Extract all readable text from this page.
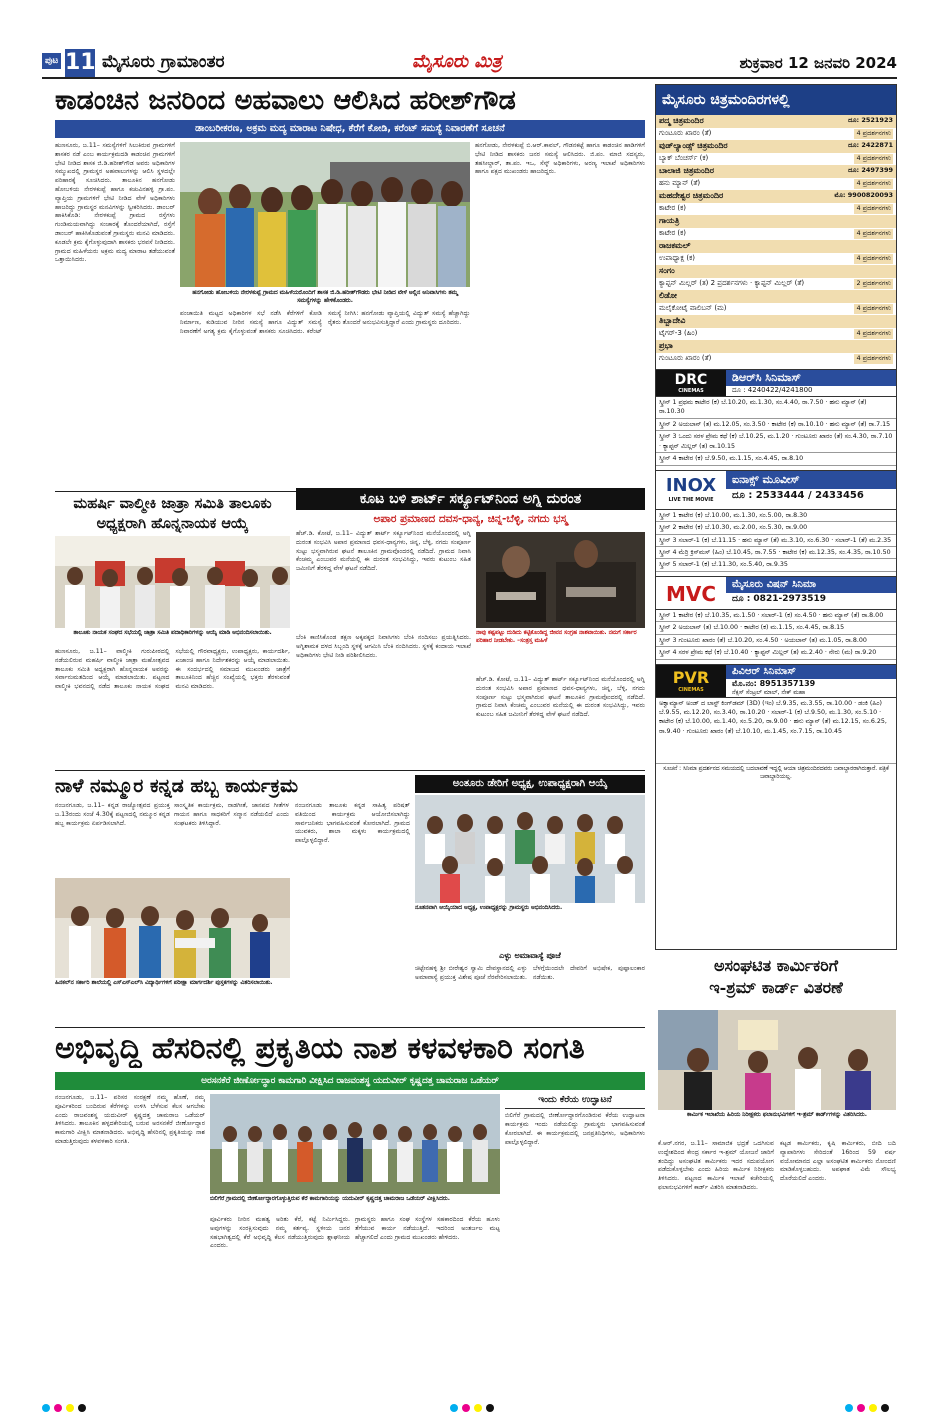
ಪುಟ 11 ಮೈಸೂರು ಗ್ರಾಮಾಂತರ	ಮೈಸೂರು ಮಿತ್ರ	ಶುಕ್ರವಾರ 12 ಜನವರಿ 2024
ಕಾಡಂಚಿನ ಜನರಿಂದ ಅಹವಾಲು ಆಲಿಸಿದ ಹರೀಶ್‌ಗೌಡ
ಡಾಂಬರೀಕರಣ, ಅಕ್ರಮ ಮದ್ಯ ಮಾರಾಟ ನಿಷೇಧ, ಕೆರೆಗೆ ಕೋಡಿ, ಕರೆಂಟ್ ಸಮಸ್ಯೆ ನಿವಾರಣೆಗೆ ಸೂಚನೆ
ಹುಣಸೂರು, ಜ.11– ಸಮಸ್ಯೆಗಳಿಗೆ ಸಿಲುಕಿರುವ ಗ್ರಾಮಗಳಿಗೆ ಶಾಸಕರ ನಡೆ ಎಂಬ ಕಾರ್ಯಕ್ರಮದಡಿ ಕಾಡಂಚಿನ ಗ್ರಾಮಗಳಿಗೆ ಭೇಟಿ ನೀಡಿದ ಶಾಸಕ ಜಿ.ಡಿ.ಹರೀಶ್‌ಗೌಡ ಅವರು ಅಧಿಕಾರಿಗಳ ಸಮ್ಮುಖದಲ್ಲಿ ಗ್ರಾಮಸ್ಥರ ಅಹವಾಲುಗಳನ್ನು ಆಲಿಸಿ ಸ್ಥಳದಲ್ಲೇ ಪರಿಹಾರಕ್ಕೆ ಸೂಚಿಸಿದರು. ತಾಲೂಕಿನ ಹನಗೋಡು ಹೋಬಳಿಯ ನೇರಳಕುಪ್ಪೆ ಹಾಗೂ ಕಚುವಿನಹಳ್ಳಿ ಗ್ರಾ.ಪಂ. ವ್ಯಾಪ್ತಿಯ ಗ್ರಾಮಗಳಿಗೆ ಭೇಟಿ ನೀಡಿದ ವೇಳೆ ಅಧಿಕಾರಿಗಳು ಹಾಜರಿದ್ದು ಗ್ರಾಮಸ್ಥರ ಮನವಿಗಳನ್ನು ಸ್ವೀಕರಿಸಿದರು. ಡಾಂಬರ್ ಹಾಕಿಸಿಕೊಡಿ: ನೇರಳಕುಪ್ಪೆ ಗ್ರಾಮದ ರಸ್ತೆಗಳು ಗುಂಡಿಮಯವಾಗಿದ್ದು ಸಂಚಾರಕ್ಕೆ ತೊಂದರೆಯಾಗಿದೆ, ರಸ್ತೆಗೆ ಡಾಂಬರ್ ಹಾಕಿಸಿಕೊಡುವಂತೆ ಗ್ರಾಮಸ್ಥರು ಮನವಿ ಮಾಡಿದರು. ಕೂಡಲೇ ಕ್ರಮ ಕೈಗೊಳ್ಳುವುದಾಗಿ ಶಾಸಕರು ಭರವಸೆ ನೀಡಿದರು. ಗ್ರಾಮದ ಮಹಿಳೆಯರು ಅಕ್ರಮ ಮದ್ಯ ಮಾರಾಟ ತಡೆಯುವಂತೆ ಒತ್ತಾಯಿಸಿದರು.
ಹನಗೋಡು ಹೋಬಳಿಯ ನೇರಳಕುಪ್ಪೆ ಗ್ರಾಮದ ಮಹಿಳೆಯರೊಂದಿಗೆ ಶಾಸಕ ಜಿ.ಡಿ.ಹರೀಶ್‌ಗೌಡರು ಭೇಟಿ ನೀಡಿದ ವೇಳೆ ಅಲ್ಲಿನ ಅನಿವಾಸಿಗಳು ತಮ್ಮ ಸಮಸ್ಯೆಗಳನ್ನು ಹೇಳಿಕೊಂಡರು.
ಹನಗೋಡು, ನೇರಳಕುಪ್ಪೆ ಬಿ.ಆರ್.ಕಾವಲ್, ಗೌಡನಕಟ್ಟೆ ಹಾಗೂ ಕಾಡಂಚಿನ ಹಾಡಿಗಳಿಗೆ ಭೇಟಿ ನೀಡಿದ ಶಾಸಕರು ಜನರ ಸಮಸ್ಯೆ ಆಲಿಸಿದರು. ಜಿ.ಪಂ. ಮಾಜಿ ಸದಸ್ಯರು, ತಹಸೀಲ್ದಾರ್, ತಾ.ಪಂ. ಇಒ, ಸೆಸ್ಕ್ ಅಧಿಕಾರಿಗಳು, ಅರಣ್ಯ ಇಲಾಖೆ ಅಧಿಕಾರಿಗಳು ಹಾಗೂ ಪಕ್ಷದ ಮುಖಂಡರು ಹಾಜರಿದ್ದರು.
ಪಂಚಾಯಿತಿ ಮಟ್ಟದ ಅಧಿಕಾರಿಗಳ ಸಭೆ ನಡೆಸಿ ಕೆರೆಗಳಿಗೆ ಕೋಡಿ ನಿರ್ಮಾಣ, ಕುಡಿಯುವ ನೀರಿನ ಸಮಸ್ಯೆ ಹಾಗೂ ವಿದ್ಯುತ್ ಸಮಸ್ಯೆ ನಿವಾರಣೆಗೆ ಅಗತ್ಯ ಕ್ರಮ ಕೈಗೊಳ್ಳುವಂತೆ ಶಾಸಕರು ಸೂಚಿಸಿದರು. ಕರೆಂಟ್ ಸಮಸ್ಯೆ ನೀಗಿಸಿ: ಹನಗೋಡು ವ್ಯಾಪ್ತಿಯಲ್ಲಿ ವಿದ್ಯುತ್ ಸಮಸ್ಯೆ ಹೆಚ್ಚಾಗಿದ್ದು ರೈತರು ತೊಂದರೆ ಅನುಭವಿಸುತ್ತಿದ್ದಾರೆ ಎಂದು ಗ್ರಾಮಸ್ಥರು ದೂರಿದರು.
ಮಹರ್ಷಿ ವಾಲ್ಮೀಕಿ ಜಾತ್ರಾ ಸಮಿತಿ ತಾಲೂಕು
ಅಧ್ಯಕ್ಷರಾಗಿ ಹೊನ್ನನಾಯಕ ಆಯ್ಕೆ
ತಾಲೂಕು ನಾಯಕ ಸಂಘದ ಸಭೆಯಲ್ಲಿ ಜಾತ್ರಾ ಸಮಿತಿ ಪದಾಧಿಕಾರಿಗಳನ್ನು ಆಯ್ಕೆ ಮಾಡಿ ಅಭಿನಂದಿಸಲಾಯಿತು.
ಹುಣಸೂರು, ಜ.11– ವಾಲ್ಮೀಕಿ ಗುರುಪೀಠದಲ್ಲಿ ನಡೆಯಲಿರುವ ಮಹರ್ಷಿ ವಾಲ್ಮೀಕಿ ಜಾತ್ರಾ ಮಹೋತ್ಸವದ ತಾಲೂಕು ಸಮಿತಿ ಅಧ್ಯಕ್ಷರಾಗಿ ಹೊನ್ನನಾಯಕ ಅವರನ್ನು ಸರ್ವಾನುಮತದಿಂದ ಆಯ್ಕೆ ಮಾಡಲಾಯಿತು. ಪಟ್ಟಣದ ವಾಲ್ಮೀಕಿ ಭವನದಲ್ಲಿ ನಡೆದ ತಾಲೂಕು ನಾಯಕ ಸಂಘದ ಸಭೆಯಲ್ಲಿ ಗೌರವಾಧ್ಯಕ್ಷರು, ಉಪಾಧ್ಯಕ್ಷರು, ಕಾರ್ಯದರ್ಶಿ, ಖಜಾಂಚಿ ಹಾಗೂ ನಿರ್ದೇಶಕರನ್ನು ಆಯ್ಕೆ ಮಾಡಲಾಯಿತು. ಈ ಸಂದರ್ಭದಲ್ಲಿ ಸಮಾಜದ ಮುಖಂಡರು ಜಾತ್ರೆಗೆ ತಾಲೂಕಿನಿಂದ ಹೆಚ್ಚಿನ ಸಂಖ್ಯೆಯಲ್ಲಿ ಭಕ್ತರು ತೆರಳುವಂತೆ ಮನವಿ ಮಾಡಿದರು.
ಕೂಟ ಬಳಿ ಶಾರ್ಟ್ ಸರ್ಕ್ಯೂಟ್‌ನಿಂದ ಅಗ್ನಿ ದುರಂತ
ಅಪಾರ ಪ್ರಮಾಣದ ದವಸ-ಧಾನ್ಯ, ಚಿನ್ನ-ಬೆಳ್ಳಿ, ನಗದು ಭಸ್ಮ
ಹೆಚ್.ಡಿ. ಕೋಟೆ, ಜ.11– ವಿದ್ಯುತ್ ಶಾರ್ಟ್ ಸರ್ಕ್ಯೂಟ್‌ನಿಂದ ಮನೆಯೊಂದರಲ್ಲಿ ಅಗ್ನಿ ದುರಂತ ಸಂಭವಿಸಿ ಅಪಾರ ಪ್ರಮಾಣದ ಧವಸ-ಧಾನ್ಯಗಳು, ಚಿನ್ನ, ಬೆಳ್ಳಿ, ನಗದು ಸಂಪೂರ್ಣ ಸುಟ್ಟು ಭಸ್ಮವಾಗಿರುವ ಘಟನೆ ತಾಲೂಕಿನ ಗ್ರಾಮವೊಂದರಲ್ಲಿ ನಡೆದಿದೆ. ಗ್ರಾಮದ ನಿವಾಸಿ ಕೆಂಚಮ್ಮ ಎಂಬುವರ ಮನೆಯಲ್ಲಿ ಈ ದುರಂತ ಸಂಭವಿಸಿದ್ದು, ಇವರು ಕುಟುಂಬ ಸಹಿತ ಜಮೀನಿಗೆ ತೆರಳಿದ್ದ ವೇಳೆ ಘಟನೆ ನಡೆದಿದೆ.
ನಾವು ಕಷ್ಟಪಟ್ಟು ದುಡಿದು ಕಟ್ಟಿಕೊಂಡಿದ್ದ ಜೀವನ ಸಂಗ್ರಹ ನಾಶವಾಯಿತು. ನಮಗೆ ಸರ್ಕಾರ ಪರಿಹಾರ ನೀಡಬೇಕು. –ಸಂತ್ರಸ್ತ ಮಹಿಳೆ
ಬೆಂಕಿ ಕಾಣಿಸಿಕೊಂಡ ತಕ್ಷಣ ಅಕ್ಕಪಕ್ಕದ ನಿವಾಸಿಗಳು ಬೆಂಕಿ ನಂದಿಸಲು ಪ್ರಯತ್ನಿಸಿದರು. ಅಗ್ನಿಶಾಮಕ ದಳದ ಸಿಬ್ಬಂದಿ ಸ್ಥಳಕ್ಕೆ ಆಗಮಿಸಿ ಬೆಂಕಿ ನಂದಿಸಿದರು. ಸ್ಥಳಕ್ಕೆ ಕಂದಾಯ ಇಲಾಖೆ ಅಧಿಕಾರಿಗಳು ಭೇಟಿ ನೀಡಿ ಪರಿಶೀಲಿಸಿದರು.
ಹೆಚ್.ಡಿ. ಕೋಟೆ, ಜ.11– ವಿದ್ಯುತ್ ಶಾರ್ಟ್ ಸರ್ಕ್ಯೂಟ್‌ನಿಂದ ಮನೆಯೊಂದರಲ್ಲಿ ಅಗ್ನಿ ದುರಂತ ಸಂಭವಿಸಿ ಅಪಾರ ಪ್ರಮಾಣದ ಧವಸ-ಧಾನ್ಯಗಳು, ಚಿನ್ನ, ಬೆಳ್ಳಿ, ನಗದು ಸಂಪೂರ್ಣ ಸುಟ್ಟು ಭಸ್ಮವಾಗಿರುವ ಘಟನೆ ತಾಲೂಕಿನ ಗ್ರಾಮವೊಂದರಲ್ಲಿ ನಡೆದಿದೆ. ಗ್ರಾಮದ ನಿವಾಸಿ ಕೆಂಚಮ್ಮ ಎಂಬುವರ ಮನೆಯಲ್ಲಿ ಈ ದುರಂತ ಸಂಭವಿಸಿದ್ದು, ಇವರು ಕುಟುಂಬ ಸಹಿತ ಜಮೀನಿಗೆ ತೆರಳಿದ್ದ ವೇಳೆ ಘಟನೆ ನಡೆದಿದೆ.
ನಾಳೆ ನಮ್ಮೂರ ಕನ್ನಡ ಹಬ್ಬ ಕಾರ್ಯಕ್ರಮ
ನಂಜನಗೂಡು, ಜ.11– ಕನ್ನಡ ರಾಜ್ಯೋತ್ಸವದ ಪ್ರಯುಕ್ತ ಜ.13ರಂದು ಸಂಜೆ 4.30ಕ್ಕೆ ಪಟ್ಟಣದಲ್ಲಿ ನಮ್ಮೂರ ಕನ್ನಡ ಹಬ್ಬ ಕಾರ್ಯಕ್ರಮ ಏರ್ಪಡಿಸಲಾಗಿದೆ.
ಸಾಂಸ್ಕೃತಿಕ ಕಾರ್ಯಕ್ರಮ, ನಾಡಗೀತೆ, ಜಾನಪದ ಗೀತೆಗಳ ಗಾಯನ ಹಾಗೂ ಸಾಧಕರಿಗೆ ಸನ್ಮಾನ ನಡೆಯಲಿದೆ ಎಂದು ಸಂಘಟಕರು ತಿಳಿಸಿದ್ದಾರೆ.
ಹಿನಕಲ್‌ನ ಸರ್ಕಾರಿ ಶಾಲೆಯಲ್ಲಿ ಎಸ್‌ಎಸ್‌ಎಲ್‌ಸಿ ವಿದ್ಯಾರ್ಥಿಗಳಿಗೆ ಪರೀಕ್ಷಾ ಮಾರ್ಗದರ್ಶಿ ಪುಸ್ತಕಗಳನ್ನು ವಿತರಿಸಲಾಯಿತು.
ನಂಜನಗೂಡು ತಾಲೂಕು ಕನ್ನಡ ಸಾಹಿತ್ಯ ಪರಿಷತ್ ವತಿಯಿಂದ ಕಾರ್ಯಕ್ರಮ ಆಯೋಜಿಸಲಾಗಿದ್ದು ಸಾರ್ವಜನಿಕರು ಭಾಗವಹಿಸುವಂತೆ ಕೋರಲಾಗಿದೆ. ಗ್ರಾಮದ ಯುವಕರು, ಶಾಲಾ ಮಕ್ಕಳು ಕಾರ್ಯಕ್ರಮದಲ್ಲಿ ಪಾಲ್ಗೊಳ್ಳಲಿದ್ದಾರೆ.
ಅಂತೂರು ಡೇರಿಗೆ ಅಧ್ಯಕ್ಷ, ಉಪಾಧ್ಯಕ್ಷರಾಗಿ ಆಯ್ಕೆ
ನೂತನವಾಗಿ ಆಯ್ಕೆಯಾದ ಅಧ್ಯಕ್ಷ, ಉಪಾಧ್ಯಕ್ಷರನ್ನು ಗ್ರಾಮಸ್ಥರು ಅಭಿನಂದಿಸಿದರು.
ಎಳ್ಳು ಅಮಾವಾಸ್ಯೆ ಪೂಜೆ
ಚಿಟ್ಟೇನಹಳ್ಳಿ ಶ್ರೀ ಬೀರೇಶ್ವರ ಸ್ವಾಮಿ ದೇವಸ್ಥಾನದಲ್ಲಿ ಎಳ್ಳು ಅಮಾವಾಸ್ಯೆ ಪ್ರಯುಕ್ತ ವಿಶೇಷ ಪೂಜೆ ನೆರವೇರಿಸಲಾಯಿತು. ಬೆಳಗ್ಗೆಯಿಂದಲೇ ದೇವರಿಗೆ ಅಭಿಷೇಕ, ಪುಷ್ಪಾಲಂಕಾರ ನಡೆಯಿತು.
ಅಭಿವೃದ್ಧಿ ಹೆಸರಿನಲ್ಲಿ ಪ್ರಕೃತಿಯ ನಾಶ ಕಳವಳಕಾರಿ ಸಂಗತಿ
ಅರಸನಕೆರೆ ಜೀರ್ಣೋದ್ಧಾರ ಕಾಮಗಾರಿ ವೀಕ್ಷಿಸಿದ ರಾಜವಂಶಸ್ಥ ಯದುವೀರ್ ಕೃಷ್ಣದತ್ತ ಚಾಮರಾಜ ಒಡೆಯರ್
ನಂಜನಗೂಡು, ಜ.11– ಪರಿಸರ ಸಂರಕ್ಷಣೆ ನಮ್ಮ ಹೊಣೆ, ನಮ್ಮ ಪೂರ್ವಿಕರಿಂದ ಬಂದಿರುವ ಕೆರೆಗಳನ್ನು ಉಳಿಸಿ ಬೆಳೆಸುವ ಕೆಲಸ ಆಗಬೇಕು ಎಂದು ರಾಜವಂಶಸ್ಥ ಯದುವೀರ್ ಕೃಷ್ಣದತ್ತ ಚಾಮರಾಜ ಒಡೆಯರ್ ತಿಳಿಸಿದರು. ತಾಲೂಕಿನ ಹಳ್ಳದಕೇರಿಯಲ್ಲಿ ಬರುವ ಅರಸನಕೆರೆ ಜೀರ್ಣೋದ್ಧಾರ ಕಾಮಗಾರಿ ವೀಕ್ಷಿಸಿ ಮಾತನಾಡಿದರು. ಅಭಿವೃದ್ಧಿ ಹೆಸರಿನಲ್ಲಿ ಪ್ರಕೃತಿಯನ್ನು ನಾಶ ಮಾಡುತ್ತಿರುವುದು ಕಳವಳಕಾರಿ ಸಂಗತಿ.
ಬಿಲಿಗೆರೆ ಗ್ರಾಮದಲ್ಲಿ ಜೀರ್ಣೋದ್ಧಾರಗೊಳ್ಳುತ್ತಿರುವ ಕೆರೆ ಕಾಮಗಾರಿಯನ್ನು ಯದುವೀರ್ ಕೃಷ್ಣದತ್ತ ಚಾಮರಾಜ ಒಡೆಯರ್ ವೀಕ್ಷಿಸಿದರು.
ಪೂರ್ವಿಕರು ನೀರಿನ ಮಹತ್ವ ಅರಿತು ಕೆರೆ, ಕಟ್ಟೆ ನಿರ್ಮಿಸಿದ್ದರು. ಅವುಗಳನ್ನು ಸಂರಕ್ಷಿಸುವುದು ನಮ್ಮ ಕರ್ತವ್ಯ. ಸ್ಥಳೀಯ ಜನರ ಸಹಭಾಗಿತ್ವದಲ್ಲಿ ಕೆರೆ ಅಭಿವೃದ್ಧಿ ಕೆಲಸ ನಡೆಯುತ್ತಿರುವುದು ಶ್ಲಾಘನೀಯ ಎಂದರು.
ಗ್ರಾಮಸ್ಥರು ಹಾಗೂ ಸಂಘ ಸಂಸ್ಥೆಗಳ ಸಹಕಾರದಿಂದ ಕೆರೆಯ ಹೂಳು ತೆಗೆಯುವ ಕಾರ್ಯ ನಡೆಯುತ್ತಿದೆ. ಇದರಿಂದ ಅಂತರ್ಜಲ ಮಟ್ಟ ಹೆಚ್ಚಾಗಲಿದೆ ಎಂದು ಗ್ರಾಮದ ಮುಖಂಡರು ಹೇಳಿದರು.
ಇಂದು ಕೆರೆಯ ಉದ್ಘಾಟನೆ
ಬಿಲಿಗೆರೆ ಗ್ರಾಮದಲ್ಲಿ ಜೀರ್ಣೋದ್ಧಾರಗೊಂಡಿರುವ ಕೆರೆಯ ಉದ್ಘಾಟನಾ ಕಾರ್ಯಕ್ರಮ ಇಂದು ನಡೆಯಲಿದ್ದು ಗ್ರಾಮಸ್ಥರು ಭಾಗವಹಿಸುವಂತೆ ಕೋರಲಾಗಿದೆ. ಈ ಕಾರ್ಯಕ್ರಮದಲ್ಲಿ ಜನಪ್ರತಿನಿಧಿಗಳು, ಅಧಿಕಾರಿಗಳು ಪಾಲ್ಗೊಳ್ಳಲಿದ್ದಾರೆ.
ಅಸಂಘಟಿತ ಕಾರ್ಮಿಕರಿಗೆ
ಇ-ಶ್ರಮ್ ಕಾರ್ಡ್ ವಿತರಣೆ
ಕಾರ್ಮಿಕ ಇಲಾಖೆಯ ಹಿರಿಯ ನಿರೀಕ್ಷಕರು ಫಲಾನುಭವಿಗಳಿಗೆ ಇ-ಶ್ರಮ್ ಕಾರ್ಡ್‌ಗಳನ್ನು ವಿತರಿಸಿದರು.
ಕೆ.ಆರ್.ನಗರ, ಜ.11– ಸಾಮಾಜಿಕ ಭದ್ರತೆ ಒದಗಿಸುವ ಉದ್ದೇಶದಿಂದ ಕೇಂದ್ರ ಸರ್ಕಾರ ಇ-ಶ್ರಮ್ ಯೋಜನೆ ಜಾರಿಗೆ ತಂದಿದ್ದು ಅಸಂಘಟಿತ ಕಾರ್ಮಿಕರು ಇದರ ಸದುಪಯೋಗ ಪಡೆದುಕೊಳ್ಳಬೇಕು ಎಂದು ಹಿರಿಯ ಕಾರ್ಮಿಕ ನಿರೀಕ್ಷಕರು ತಿಳಿಸಿದರು. ಪಟ್ಟಣದ ಕಾರ್ಮಿಕ ಇಲಾಖೆ ಕಚೇರಿಯಲ್ಲಿ ಫಲಾನುಭವಿಗಳಿಗೆ ಕಾರ್ಡ್ ವಿತರಿಸಿ ಮಾತನಾಡಿದರು.
ಕಟ್ಟಡ ಕಾರ್ಮಿಕರು, ಕೃಷಿ ಕಾರ್ಮಿಕರು, ಬೀದಿ ಬದಿ ವ್ಯಾಪಾರಿಗಳು ಸೇರಿದಂತೆ 16ರಿಂದ 59 ವರ್ಷ ವಯೋಮಾನದ ಎಲ್ಲಾ ಅಸಂಘಟಿತ ಕಾರ್ಮಿಕರು ನೋಂದಣಿ ಮಾಡಿಕೊಳ್ಳಬಹುದು. ಅಪಘಾತ ವಿಮೆ ಸೌಲಭ್ಯ ದೊರೆಯಲಿದೆ ಎಂದರು.
ಮೈಸೂರು ಚಿತ್ರಮಂದಿರಗಳಲ್ಲಿ
ಪದ್ಮ ಚಿತ್ರಮಂದಿರ	ದೂ: 2521923
ಗುಂಟೂರು ಖಾರಂ (ತೆ)	4 ಪ್ರದರ್ಶನಗಳು
ವುಡ್‌ಲ್ಯಾಂಡ್ಸ್ ಚಿತ್ರಮಂದಿರ	ದೂ: 2422871
ಬ್ಯಾಕ್ ಬೆಂಚರ್ಸ್ (ಕ)	4 ಪ್ರದರ್ಶನಗಳು
ಬಾಲಾಜಿ ಚಿತ್ರಮಂದಿರ	ದೂ: 2497399
ಹನು ಮ್ಯಾನ್ (ತೆ)	4 ಪ್ರದರ್ಶನಗಳು
ಮಹದೇಶ್ವರ ಚಿತ್ರಮಂದಿರ	ಮೊ: 9900820093
ಕಾಟೇರ (ಕ)	4 ಪ್ರದರ್ಶನಗಳು
ಗಾಯತ್ರಿ
ಕಾಟೇರ (ಕ)	4 ಪ್ರದರ್ಶನಗಳು
ರಾಜಕಮಲ್
ಉಪಾಧ್ಯಾಕ್ಷ (ಕ)	4 ಪ್ರದರ್ಶನಗಳು
ಸಂಗಂ
ಕ್ಯಾಪ್ಟನ್ ಮಿಲ್ಲರ್ (ತ) 2 ಪ್ರದರ್ಶನಗಳು · ಕ್ಯಾಪ್ಟನ್ ಮಿಲ್ಲರ್ (ತೆ)	2 ಪ್ರದರ್ಶನಗಳು
ಲಿಡೋ
ಮಲೈಕೋಟೈ ವಾಲಿಬನ್ (ಮ)	4 ಪ್ರದರ್ಶನಗಳು
ತಿಬ್ಬಾದೇವಿ
ಟೈಗರ್-3 (ಹಿಂ)	4 ಪ್ರದರ್ಶನಗಳು
ಪ್ರಭಾ
ಗುಂಟೂರು ಖಾರಂ (ತೆ)	4 ಪ್ರದರ್ಶನಗಳು
DRC
CINEMAS
ಡಿಆರ್‌ಸಿ ಸಿನಿಮಾಸ್
ದೂ : 4240422/4241800
ಸ್ಕ್ರೀನ್ 1 ಪ್ರಥಮ ಕಾಟೇರ (ಕ) ಬೆ.10.20, ಮ.1.30, ಸಂ.4.40, ರಾ.7.50 · ಹನು ಮ್ಯಾನ್ (ತೆ) ರಾ.10.30
ಸ್ಕ್ರೀನ್ 2 ಅಯಲಾನ್ (ತ) ಮ.12.05, ಸಂ.3.50 · ಕಾಟೇರ (ಕ) ರಾ.10.10 · ಹನು ಮ್ಯಾನ್ (ತೆ) ರಾ.7.15
ಸ್ಕ್ರೀನ್ 3 ಒಂದು ಸರಳ ಪ್ರೇಮ ಕಥೆ (ಕ) ಬೆ.10.25, ಮ.1.20 · ಗುಂಟೂರು ಖಾರಂ (ತೆ) ಸಂ.4.30, ರಾ.7.10 · ಕ್ಯಾಪ್ಟನ್ ಮಿಲ್ಲರ್ (ತ) ರಾ.10.15
ಸ್ಕ್ರೀನ್ 4 ಕಾಟೇರ (ಕ) ಬೆ.9.50, ಮ.1.15, ಸಂ.4.45, ರಾ.8.10
INOX
LIVE THE MOVIE
ಐನಾಕ್ಸ್ ಮೂವೀಸ್
ದೂ : 2533444 / 2433456
ಸ್ಕ್ರೀನ್ 1 ಕಾಟೇರ (ಕ) ಬೆ.10.00, ಮ.1.30, ಸಂ.5.00, ರಾ.8.30
ಸ್ಕ್ರೀನ್ 2 ಕಾಟೇರ (ಕ) ಬೆ.10.30, ಮ.2.00, ಸಂ.5.30, ರಾ.9.00
ಸ್ಕ್ರೀನ್ 3 ಸಲಾರ್-1 (ಕ) ಬೆ.11.15 · ಹನು ಮ್ಯಾನ್ (ತೆ) ಮ.3.10, ಸಂ.6.30 · ಸಲಾರ್-1 (ತೆ) ಮ.2.35
ಸ್ಕ್ರೀನ್ 4 ಮೆರ್ರಿ ಕ್ರಿಸ್‌ಮಸ್ (ಹಿಂ) ಬೆ.10.45, ರಾ.7.55 · ಕಾಟೇರ (ಕ) ಮ.12.35, ಸಂ.4.35, ರಾ.10.50
ಸ್ಕ್ರೀನ್ 5 ಸಲಾರ್-1 (ಕ) ಬೆ.11.30, ಸಂ.5.40, ರಾ.9.35
MVC	ಮೈಸೂರು ವಿಷನ್ ಸಿನಿಮಾ
ದೂ : 0821-2973519
ಸ್ಕ್ರೀನ್ 1 ಕಾಟೇರ (ಕ) ಬೆ.10.35, ಮ.1.50 · ಸಲಾರ್-1 (ಕ) ಸಂ.4.50 · ಹನು ಮ್ಯಾನ್ (ತೆ) ರಾ.8.00
ಸ್ಕ್ರೀನ್ 2 ಅಯಲಾನ್ (ತ) ಬೆ.10.00 · ಕಾಟೇರ (ಕ) ಮ.1.15, ಸಂ.4.45, ರಾ.8.15
ಸ್ಕ್ರೀನ್ 3 ಗುಂಟೂರು ಖಾರಂ (ತೆ) ಬೆ.10.20, ಸಂ.4.50 · ಅಯಲಾನ್ (ತ) ಮ.1.05, ರಾ.8.00
ಸ್ಕ್ರೀನ್ 4 ಸರಳ ಪ್ರೇಮ ಕಥೆ (ಕ) ಬೆ.10.40 · ಕ್ಯಾಪ್ಟನ್ ಮಿಲ್ಲರ್ (ತ) ಮ.2.40 · ನೇರು (ಮ) ರಾ.9.20
PVR
CINEMAS
ಪಿವಿಆರ್ ಸಿನಿಮಾಸ್
ಮೊ.ನಂ: 8951357139
ನೆಕ್ಸಸ್ ಸೆಂಟ್ರಲ್ ಮಾಲ್, ನೇಕ್ ಮಹಾ
ಅಕ್ವಾಮ್ಯಾನ್ ಅಂಡ್ ದ ಲಾಸ್ಟ್ ಕಿಂಗ್‌ಡಮ್ (3D) (ಇಂ) ಬೆ.9.35, ಮ.3.55, ರಾ.10.00 · ಡಂಕಿ (ಹಿಂ) ಬೆ.9.55, ಮ.12.20, ಸಂ.3.40, ರಾ.10.20 · ಸಲಾರ್-1 (ಕ) ಬೆ.9.50, ಮ.1.30, ಸಂ.5.10 · ಕಾಟೇರ (ಕ) ಬೆ.10.00, ಮ.1.40, ಸಂ.5.20, ರಾ.9.00 · ಹನು ಮ್ಯಾನ್ (ತೆ) ಮ.12.15, ಸಂ.6.25, ರಾ.9.40 · ಗುಂಟೂರು ಖಾರಂ (ತೆ) ಬೆ.10.10, ಮ.1.45, ಸಂ.7.15, ರಾ.10.45
ಸೂಚನೆ : ಸಿನಿಮಾ ಪ್ರದರ್ಶನದ ಸಮಯದಲ್ಲಿ ಬದಲಾವಣೆ ಇದ್ದಲ್ಲಿ ಆಯಾ ಚಿತ್ರಮಂದಿರದವರು ಜವಾಬ್ದಾರರಾಗಿರುತ್ತಾರೆ. ಪತ್ರಿಕೆ ಜವಾಬ್ದಾರಿಯಲ್ಲ.
